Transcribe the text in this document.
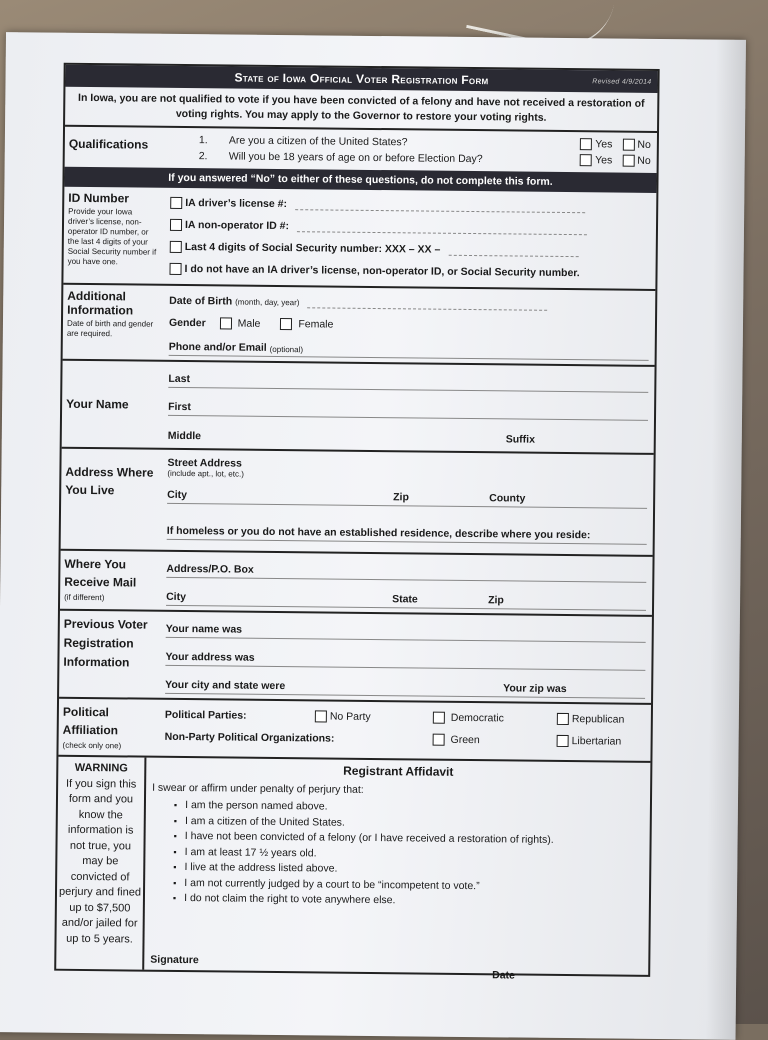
State of Iowa Official Voter Registration Form	Revised 4/9/2014
In Iowa, you are not qualified to vote if you have been convicted of a felony and have not received a restoration of voting rights. You may apply to the Governor to restore your voting rights.
Qualifications	1.	Are you a citizen of the United States?	Yes	No
2.	Will you be 18 years of age on or before Election Day?	Yes	No
If you answered “No” to either of these questions, do not complete this form.
ID Number
Provide your Iowa driver’s license, non-operator ID number, or the last 4 digits of your Social Security number if you have one.
IA driver’s license #:
IA non-operator ID #:
Last 4 digits of Social Security number: XXX – XX –
I do not have an IA driver’s license, non-operator ID, or Social Security number.
Additional Information
Date of birth and gender are required.
Date of Birth
(month, day, year)
Gender	Male	Female
Phone and/or Email
(optional)
Your Name
Last
First
Middle	Suffix
Address Where You Live
Street Address
(include apt., lot, etc.)
City	Zip	County
If homeless or you do not have an established residence, describe where you reside:
Where You Receive Mail
(if different)
Address/P.O. Box
City	State	Zip
Previous Voter Registration Information
Your name was
Your address was
Your city and state were	Your zip was
Political Affiliation
(check only one)
Political Parties:	No Party	Democratic	Republican
Non-Party Political Organizations:	Green	Libertarian
WARNING
If you sign this form and you know the information is not true, you may be convicted of perjury and fined up to $7,500 and/or jailed for up to 5 years.
Registrant Affidavit
I swear or affirm under penalty of perjury that:
▪ I am the person named above.
▪ I am a citizen of the United States.
▪ I have not been convicted of a felony (or I have received a restoration of rights).
▪ I am at least 17 ½ years old.
▪ I live at the address listed above.
▪ I am not currently judged by a court to be “incompetent to vote.”
▪ I do not claim the right to vote anywhere else.
Signature
Date
